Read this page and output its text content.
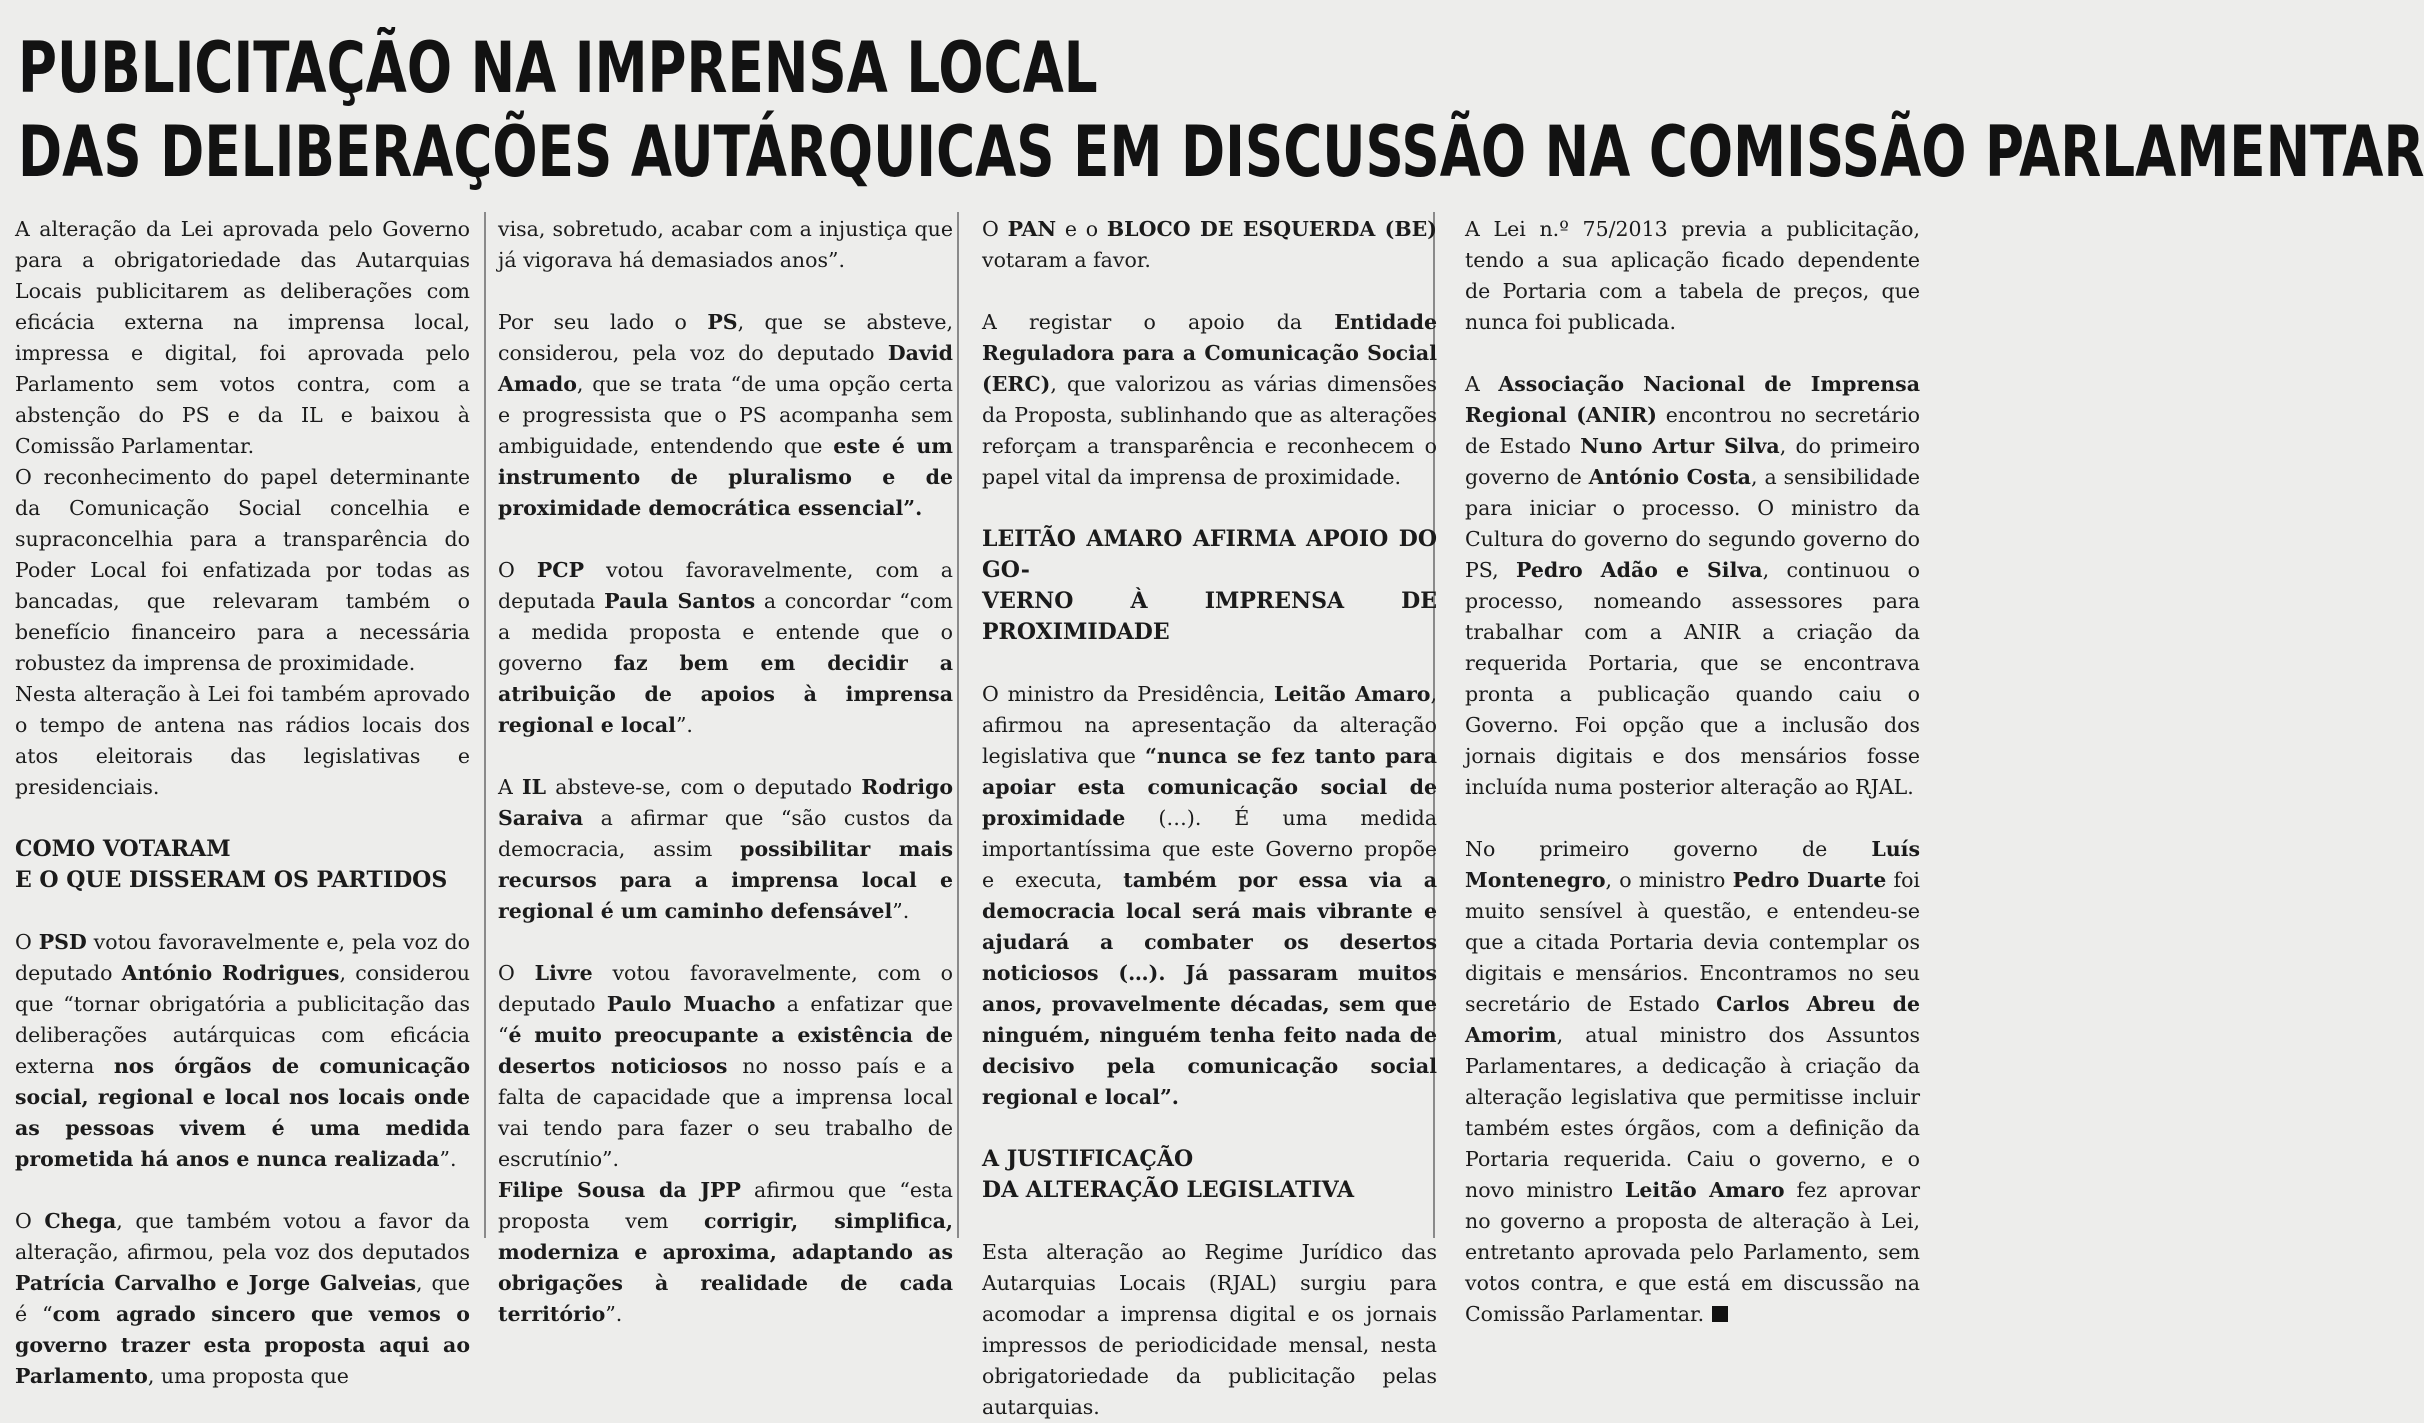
PUBLICITAÇÃO NA IMPRENSA LOCAL
DAS DELIBERAÇÕES AUTÁRQUICAS EM DISCUSSÃO NA COMISSÃO PARLAMENTAR

A alteração da Lei aprovada pelo Governo para a obrigatoriedade das Autarquias Locais publicitarem as deliberações com eficácia externa na imprensa local, impressa e digital, foi aprovada pelo Parlamento sem votos contra, com a abstenção do PS e da IL e baixou à Comissão Parlamentar.

O reconhecimento do papel determinante da Comunicação Social concelhia e supraconcelhia para a transparência do Poder Local foi enfatizada por todas as bancadas, que relevaram também o benefício financeiro para a necessária robustez da imprensa de proximidade.

Nesta alteração à Lei foi também aprovado o tempo de antena nas rádios locais dos atos eleitorais das legislativas e presidenciais.

COMO VOTARAM
E O QUE DISSERAM OS PARTIDOS

O PSD votou favoravelmente e, pela voz do deputado António Rodrigues, considerou que “tornar obrigatória a publicitação das deliberações autárquicas com eficácia externa nos órgãos de comunicação social, regional e local nos locais onde as pessoas vivem é uma medida prometida há anos e nunca realizada”.

O Chega, que também votou a favor da alteração, afirmou, pela voz dos deputados Patrícia Carvalho e Jorge Galveias, que é “com agrado sincero que vemos o governo trazer esta proposta aqui ao Parlamento, uma proposta que

visa, sobretudo, acabar com a injustiça que já vigorava há demasiados anos”.

Por seu lado o PS, que se absteve, considerou, pela voz do deputado David Amado, que se trata “de uma opção certa e progressista que o PS acompanha sem ambiguidade, entendendo que este é um instrumento de pluralismo e de proximidade democrática essencial”.

O PCP votou favoravelmente, com a deputada Paula Santos a concordar “com a medida proposta e entende que o governo faz bem em decidir a atribuição de apoios à imprensa regional e local”.

A IL absteve-se, com o deputado Rodrigo Saraiva a afirmar que “são custos da democracia, assim possibilitar mais recursos para a imprensa local e regional é um caminho defensável”.

O Livre votou favoravelmente, com o deputado Paulo Muacho a enfatizar que “é muito preocupante a existência de desertos noticiosos no nosso país e a falta de capacidade que a imprensa local vai tendo para fazer o seu trabalho de escrutínio”.

Filipe Sousa da JPP afirmou que “esta proposta vem corrigir, simplifica, moderniza e aproxima, adaptando as obrigações à realidade de cada território”.

O PAN e o BLOCO DE ESQUERDA (BE) votaram a favor.

A registar o apoio da Entidade Reguladora para a Comunicação Social (ERC), que valorizou as várias dimensões da Proposta, sublinhando que as alterações reforçam a transparência e reconhecem o papel vital da imprensa de proximidade.

LEITÃO AMARO AFIRMA APOIO DO GO-
VERNO À IMPRENSA DE PROXIMIDADE

O ministro da Presidência, Leitão Amaro, afirmou na apresentação da alteração legislativa que “nunca se fez tanto para apoiar esta comunicação social de proximidade (…). É uma medida importantíssima que este Governo propõe e executa, também por essa via a democracia local será mais vibrante e ajudará a combater os desertos noticiosos (…). Já passaram muitos anos, provavelmente décadas, sem que ninguém, ninguém tenha feito nada de decisivo pela comunicação social regional e local”.

A JUSTIFICAÇÃO
DA ALTERAÇÃO LEGISLATIVA

Esta alteração ao Regime Jurídico das Autarquias Locais (RJAL) surgiu para acomodar a imprensa digital e os jornais impressos de periodicidade mensal, nesta obrigatoriedade da publicitação pelas autarquias.

A Lei n.º 75/2013 previa a publicitação, tendo a sua aplicação ficado dependente de Portaria com a tabela de preços, que nunca foi publicada.

A Associação Nacional de Imprensa Regional (ANIR) encontrou no secretário de Estado Nuno Artur Silva, do primeiro governo de António Costa, a sensibilidade para iniciar o processo. O ministro da Cultura do governo do segundo governo do PS, Pedro Adão e Silva, continuou o processo, nomeando assessores para trabalhar com a ANIR a criação da requerida Portaria, que se encontrava pronta a publicação quando caiu o Governo. Foi opção que a inclusão dos jornais digitais e dos mensários fosse incluída numa posterior alteração ao RJAL.

No primeiro governo de Luís Montenegro, o ministro Pedro Duarte foi muito sensível à questão, e entendeu-se que a citada Portaria devia contemplar os digitais e mensários. Encontramos no seu secretário de Estado Carlos Abreu de Amorim, atual ministro dos Assuntos Parlamentares, a dedicação à criação da alteração legislativa que permitisse incluir também estes órgãos, com a definição da Portaria requerida. Caiu o governo, e o novo ministro Leitão Amaro fez aprovar no governo a proposta de alteração à Lei, entretanto aprovada pelo Parlamento, sem votos contra, e que está em discussão na Comissão Parlamentar.
